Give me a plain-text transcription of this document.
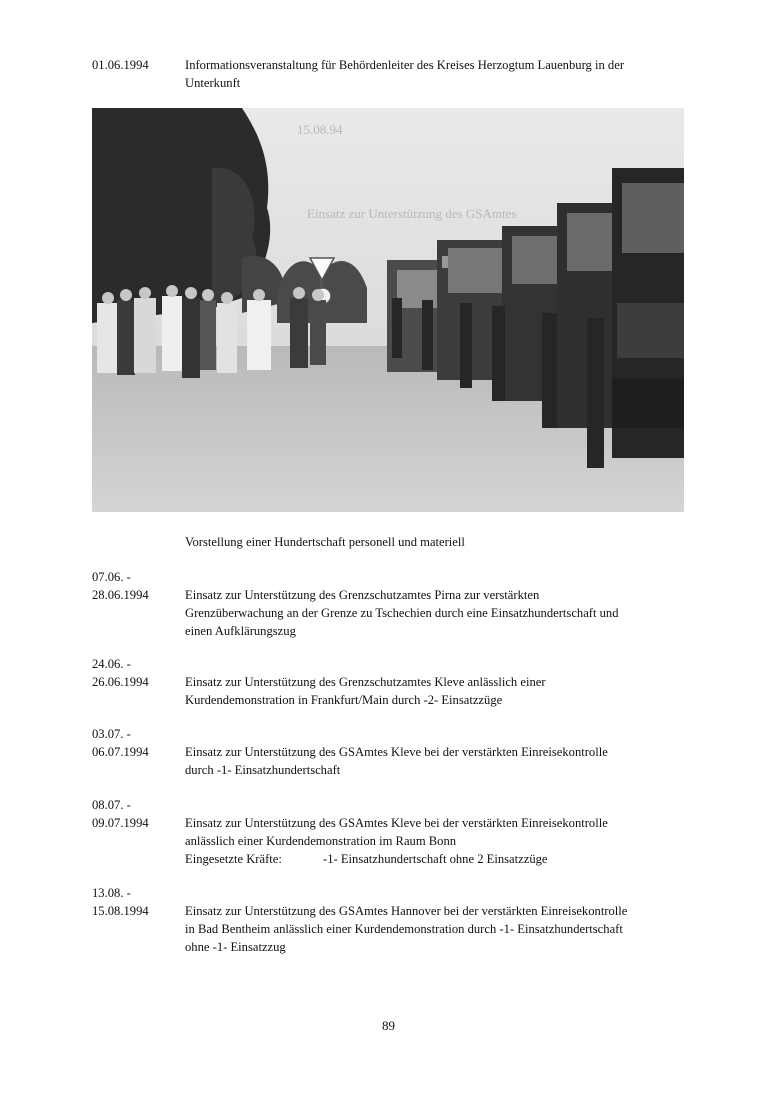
01.06.1994	Informationsveranstaltung für Behördenleiter des Kreises Herzogtum Lauenburg in der
Unterkunft
15.08.94
Einsatz zur Unterstützung des GSAmtes
Vorstellung einer Hundertschaft personell und materiell
07.06. -
28.06.1994	Einsatz zur Unterstützung des Grenzschutzamtes Pirna zur verstärkten
Grenzüberwachung an der Grenze zu Tschechien durch eine Einsatzhundertschaft und
einen Aufklärungszug
24.06. -
26.06.1994	Einsatz zur Unterstützung des Grenzschutzamtes Kleve anlässlich einer
Kurdendemonstration in Frankfurt/Main durch -2- Einsatzzüge
03.07. -
06.07.1994	Einsatz zur Unterstützung des GSAmtes Kleve bei der verstärkten Einreisekontrolle
durch -1- Einsatzhundertschaft
08.07. -
09.07.1994	Einsatz zur Unterstützung des GSAmtes Kleve bei der verstärkten Einreisekontrolle
anlässlich einer Kurdendemonstration im Raum Bonn
Eingesetzte Kräfte:	-1- Einsatzhundertschaft ohne 2 Einsatzzüge
13.08. -
15.08.1994	Einsatz zur Unterstützung des GSAmtes Hannover bei der verstärkten Einreisekontrolle
in Bad Bentheim anlässlich einer Kurdendemonstration durch -1- Einsatzhundertschaft
ohne -1- Einsatzzug
89
